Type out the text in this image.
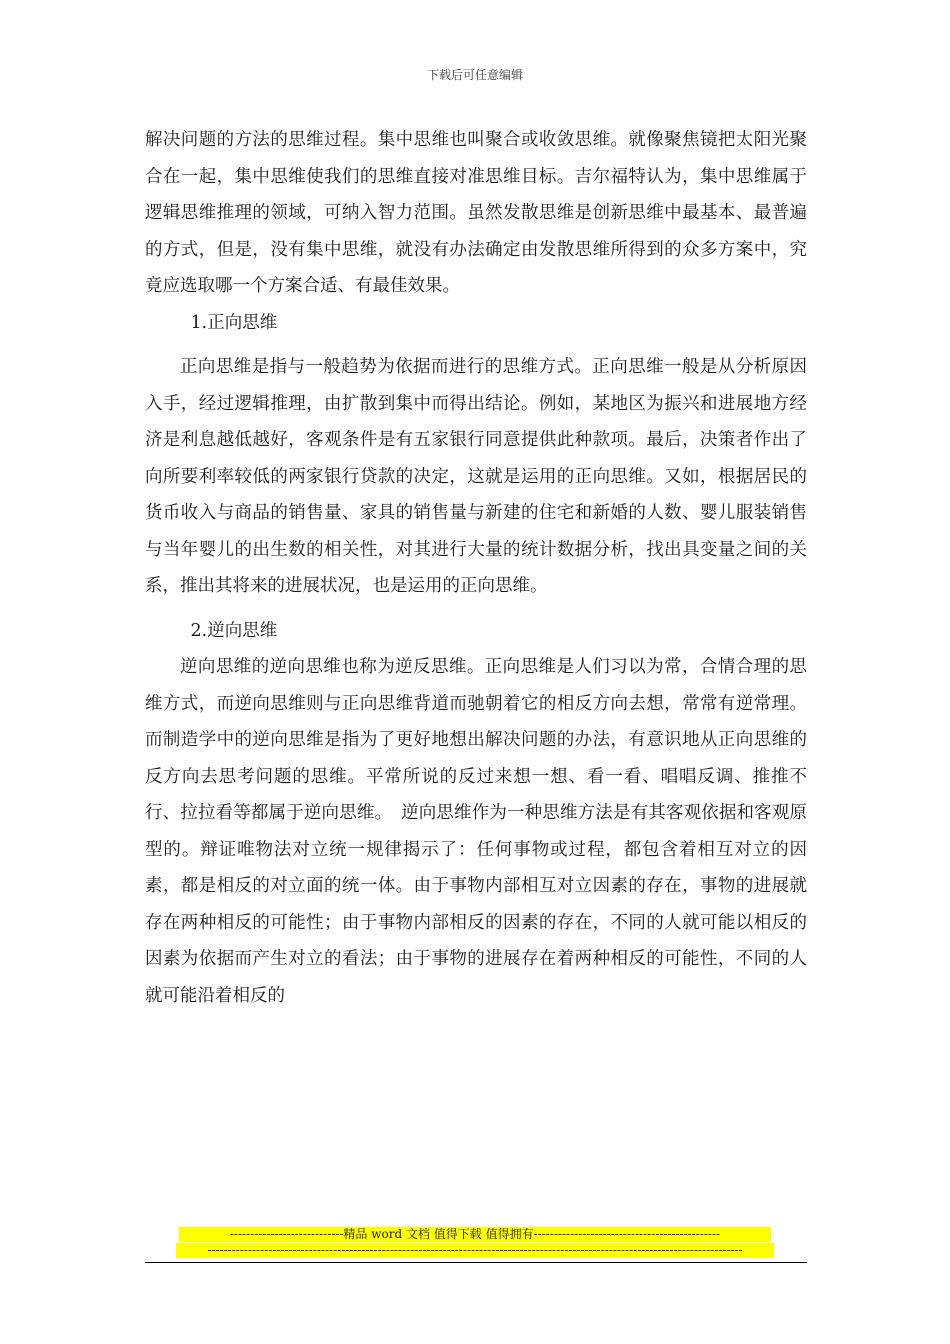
下载后可任意编辑

解决问题的方法的思维过程。集中思维也叫聚合或收敛思维。就像聚焦镜把太阳光聚合在一起，集中思维使我们的思维直接对准思维目标。吉尔福特认为，集中思维属于逻辑思维推理的领域，可纳入智力范围。虽然发散思维是创新思维中最基本、最普遍的方式，但是，没有集中思维，就没有办法确定由发散思维所得到的众多方案中，究竟应选取哪一个方案合适、有最佳效果。

1.正向思维

正向思维是指与一般趋势为依据而进行的思维方式。正向思维一般是从分析原因入手，经过逻辑推理，由扩散到集中而得出结论。例如，某地区为振兴和进展地方经济是利息越低越好，客观条件是有五家银行同意提供此种款项。最后，决策者作出了向所要利率较低的两家银行贷款的决定，这就是运用的正向思维。又如，根据居民的货币收入与商品的销售量、家具的销售量与新建的住宅和新婚的人数、婴儿服装销售与当年婴儿的出生数的相关性，对其进行大量的统计数据分析，找出具变量之间的关系，推出其将来的进展状况，也是运用的正向思维。

2.逆向思维

逆向思维的逆向思维也称为逆反思维。正向思维是人们习以为常，合情合理的思维方式，而逆向思维则与正向思维背道而驰朝着它的相反方向去想，常常有逆常理。而制造学中的逆向思维是指为了更好地想出解决问题的办法，有意识地从正向思维的反方向去思考问题的思维。平常所说的反过来想一想、看一看、唱唱反调、推推不行、拉拉看等都属于逆向思维。　逆向思维作为一种思维方法是有其客观依据和客观原型的。辩证唯物法对立统一规律揭示了：任何事物或过程，都包含着相互对立的因素，都是相反的对立面的统一体。由于事物内部相互对立因素的存在，事物的进展就存在两种相反的可能性；由于事物内部相反的因素的存在，不同的人就可能以相反的因素为依据而产生对立的看法；由于事物的进展存在着两种相反的可能性，不同的人就可能沿着相反的

----------------------------精品 word 文档 值得下载 值得拥有----------------------------------------------
------------------------------------------------------------------------------------------------------------------------------------
